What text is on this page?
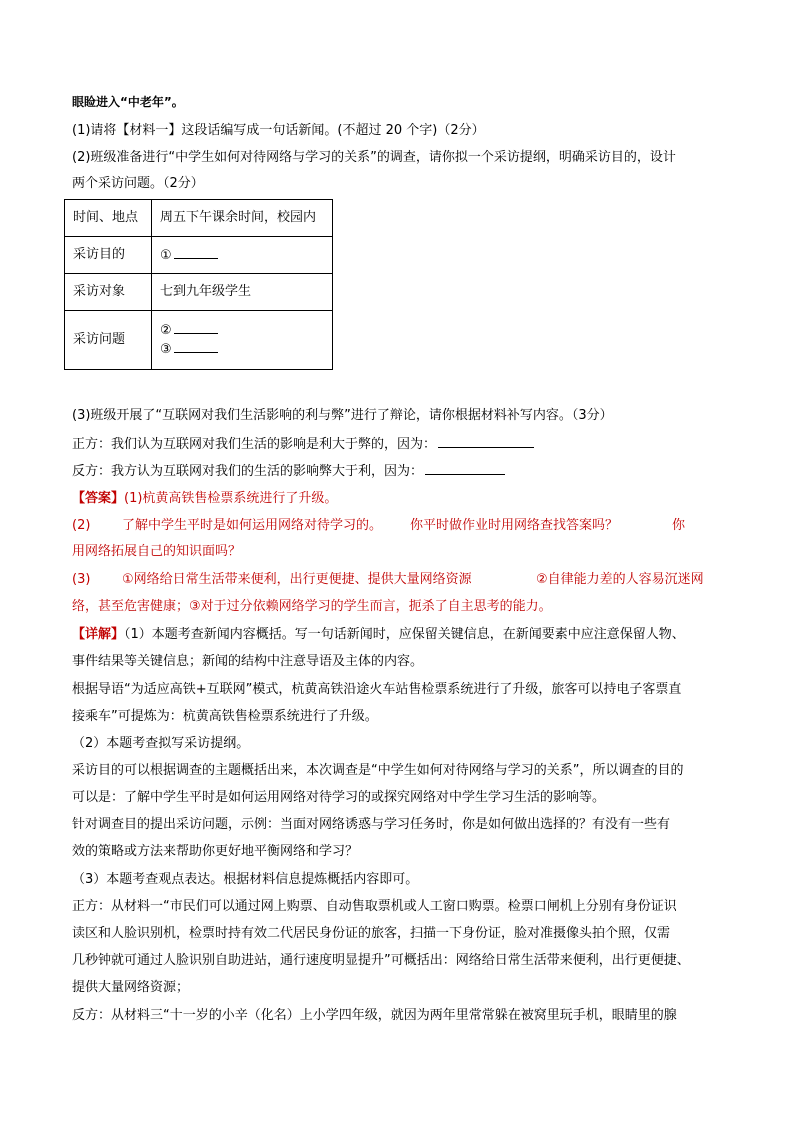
眼睑进入“中老年”。
(1)请将【材料一】这段话编写成一句话新闻。(不超过 20 个字)（2分）
(2)班级准备进行“中学生如何对待网络与学习的关系”的调查，请你拟一个采访提纲，明确采访目的，设计
两个采访问题。（2分）
时间、地点	周五下午课余时间，校园内
采访目的	①
采访对象	七到九年级学生
采访问题	②
③
(3)班级开展了“互联网对我们生活影响的利与弊”进行了辩论，请你根据材料补写内容。（3分）
正方：我们认为互联网对我们生活的影响是利大于弊的，因为：
反方：我方认为互联网对我们的生活的影响弊大于利，因为：
【答案】(1)杭黄高铁售检票系统进行了升级。
(2) 了解中学生平时是如何运用网络对待学习的。 你平时做作业时用网络查找答案吗？	你
用网络拓展自己的知识面吗？
(3) ①网络给日常生活带来便利，出行更便捷、提供大量网络资源	②自律能力差的人容易沉迷网
络，甚至危害健康；③对于过分依赖网络学习的学生而言，扼杀了自主思考的能力。
【详解】（1）本题考查新闻内容概括。写一句话新闻时，应保留关键信息，在新闻要素中应注意保留人物、
事件结果等关键信息；新闻的结构中注意导语及主体的内容。
根据导语“为适应高铁+互联网”模式，杭黄高铁沿途火车站售检票系统进行了升级，旅客可以持电子客票直
接乘车”可提炼为：杭黄高铁售检票系统进行了升级。
（2）本题考查拟写采访提纲。
采访目的可以根据调查的主题概括出来，本次调查是“中学生如何对待网络与学习的关系”，所以调查的目的
可以是：了解中学生平时是如何运用网络对待学习的或探究网络对中学生学习生活的影响等。
针对调查目的提出采访问题，示例：当面对网络诱惑与学习任务时，你是如何做出选择的？有没有一些有
效的策略或方法来帮助你更好地平衡网络和学习？
（3）本题考查观点表达。根据材料信息提炼概括内容即可。
正方：从材料一“市民们可以通过网上购票、自动售取票机或人工窗口购票。检票口闸机上分别有身份证识
读区和人脸识别机，检票时持有效二代居民身份证的旅客，扫描一下身份证，脸对准摄像头拍个照，仅需
几秒钟就可通过人脸识别自助进站，通行速度明显提升”可概括出：网络给日常生活带来便利，出行更便捷、
提供大量网络资源；
反方：从材料三“十一岁的小辛（化名）上小学四年级，就因为两年里常常躲在被窝里玩手机，眼睛里的腺
